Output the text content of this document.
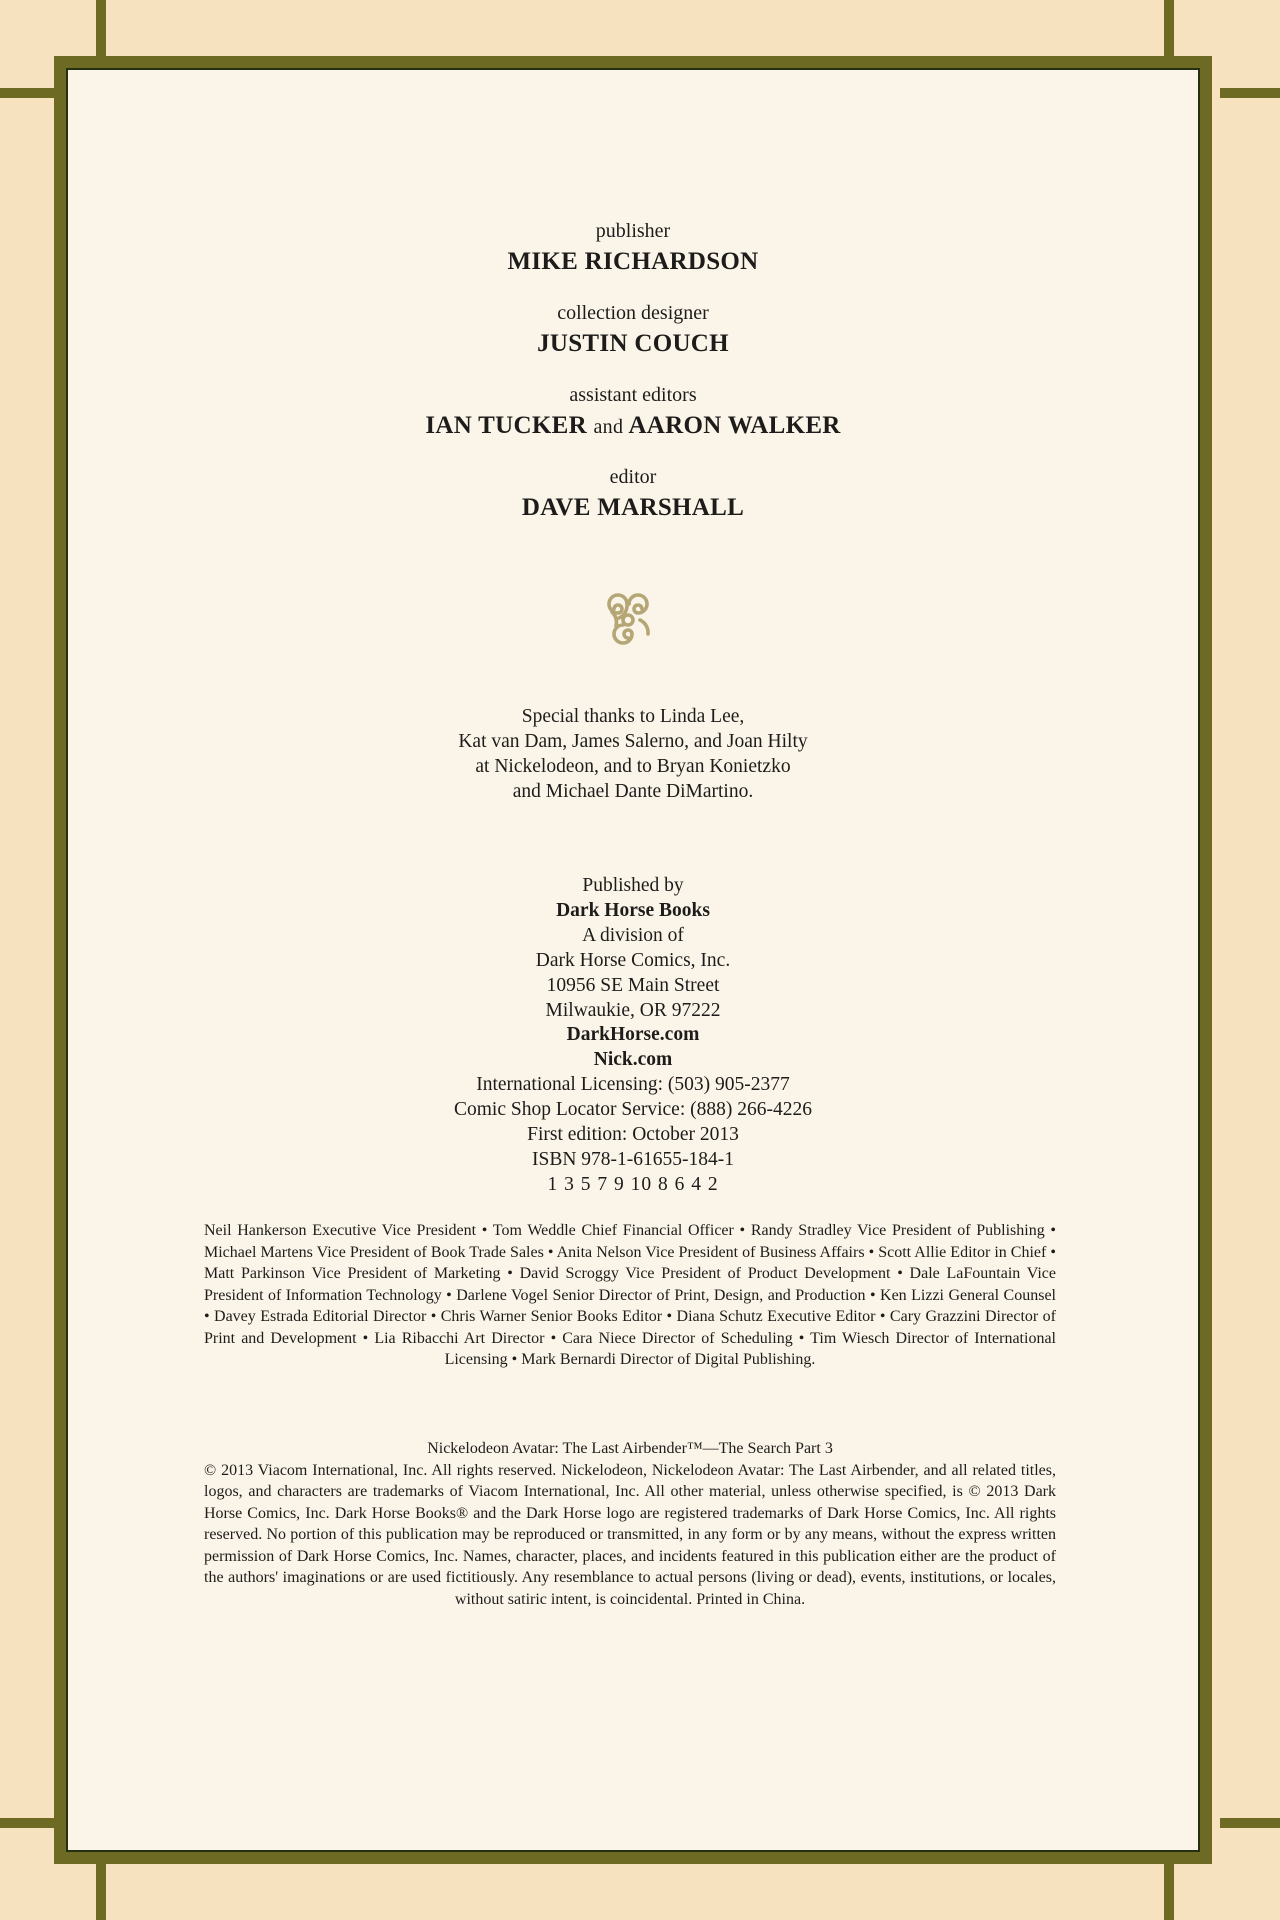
publisher
MIKE RICHARDSON
collection designer
JUSTIN COUCH
assistant editors
IAN TUCKER and AARON WALKER
editor
DAVE MARSHALL
Special thanks to Linda Lee,
Kat van Dam, James Salerno, and Joan Hilty
at Nickelodeon, and to Bryan Konietzko
and Michael Dante DiMartino.
Published by
Dark Horse Books
A division of
Dark Horse Comics, Inc.
10956 SE Main Street
Milwaukie, OR 97222
DarkHorse.com
Nick.com
International Licensing: (503) 905-2377
Comic Shop Locator Service: (888) 266-4226
First edition: October 2013
ISBN 978-1-61655-184-1
1 3 5 7 9 10 8 6 4 2

Neil Hankerson Executive Vice President • Tom Weddle Chief Financial Officer • Randy Stradley Vice President of Publishing • Michael Martens Vice President of Book Trade Sales • Anita Nelson Vice President of Business Affairs • Scott Allie Editor in Chief • Matt Parkinson Vice President of Marketing • David Scroggy Vice President of Product Development • Dale LaFountain Vice President of Information Technology • Darlene Vogel Senior Director of Print, Design, and Production • Ken Lizzi General Counsel • Davey Estrada Editorial Director • Chris Warner Senior Books Editor • Diana Schutz Executive Editor • Cary Grazzini Director of Print and Development • Lia Ribacchi Art Director • Cara Niece Director of Scheduling • Tim Wiesch Director of International Licensing • Mark Bernardi Director of Digital Publishing.

Nickelodeon Avatar: The Last Airbender™—The Search Part 3

© 2013 Viacom International, Inc. All rights reserved. Nickelodeon, Nickelodeon Avatar: The Last Airbender, and all related titles, logos, and characters are trademarks of Viacom International, Inc. All other material, unless otherwise specified, is © 2013 Dark Horse Comics, Inc. Dark Horse Books® and the Dark Horse logo are registered trademarks of Dark Horse Comics, Inc. All rights reserved. No portion of this publication may be reproduced or transmitted, in any form or by any means, without the express written permission of Dark Horse Comics, Inc. Names, character, places, and incidents featured in this publication either are the product of the authors' imaginations or are used fictitiously. Any resemblance to actual persons (living or dead), events, institutions, or locales, without satiric intent, is coincidental. Printed in China.
